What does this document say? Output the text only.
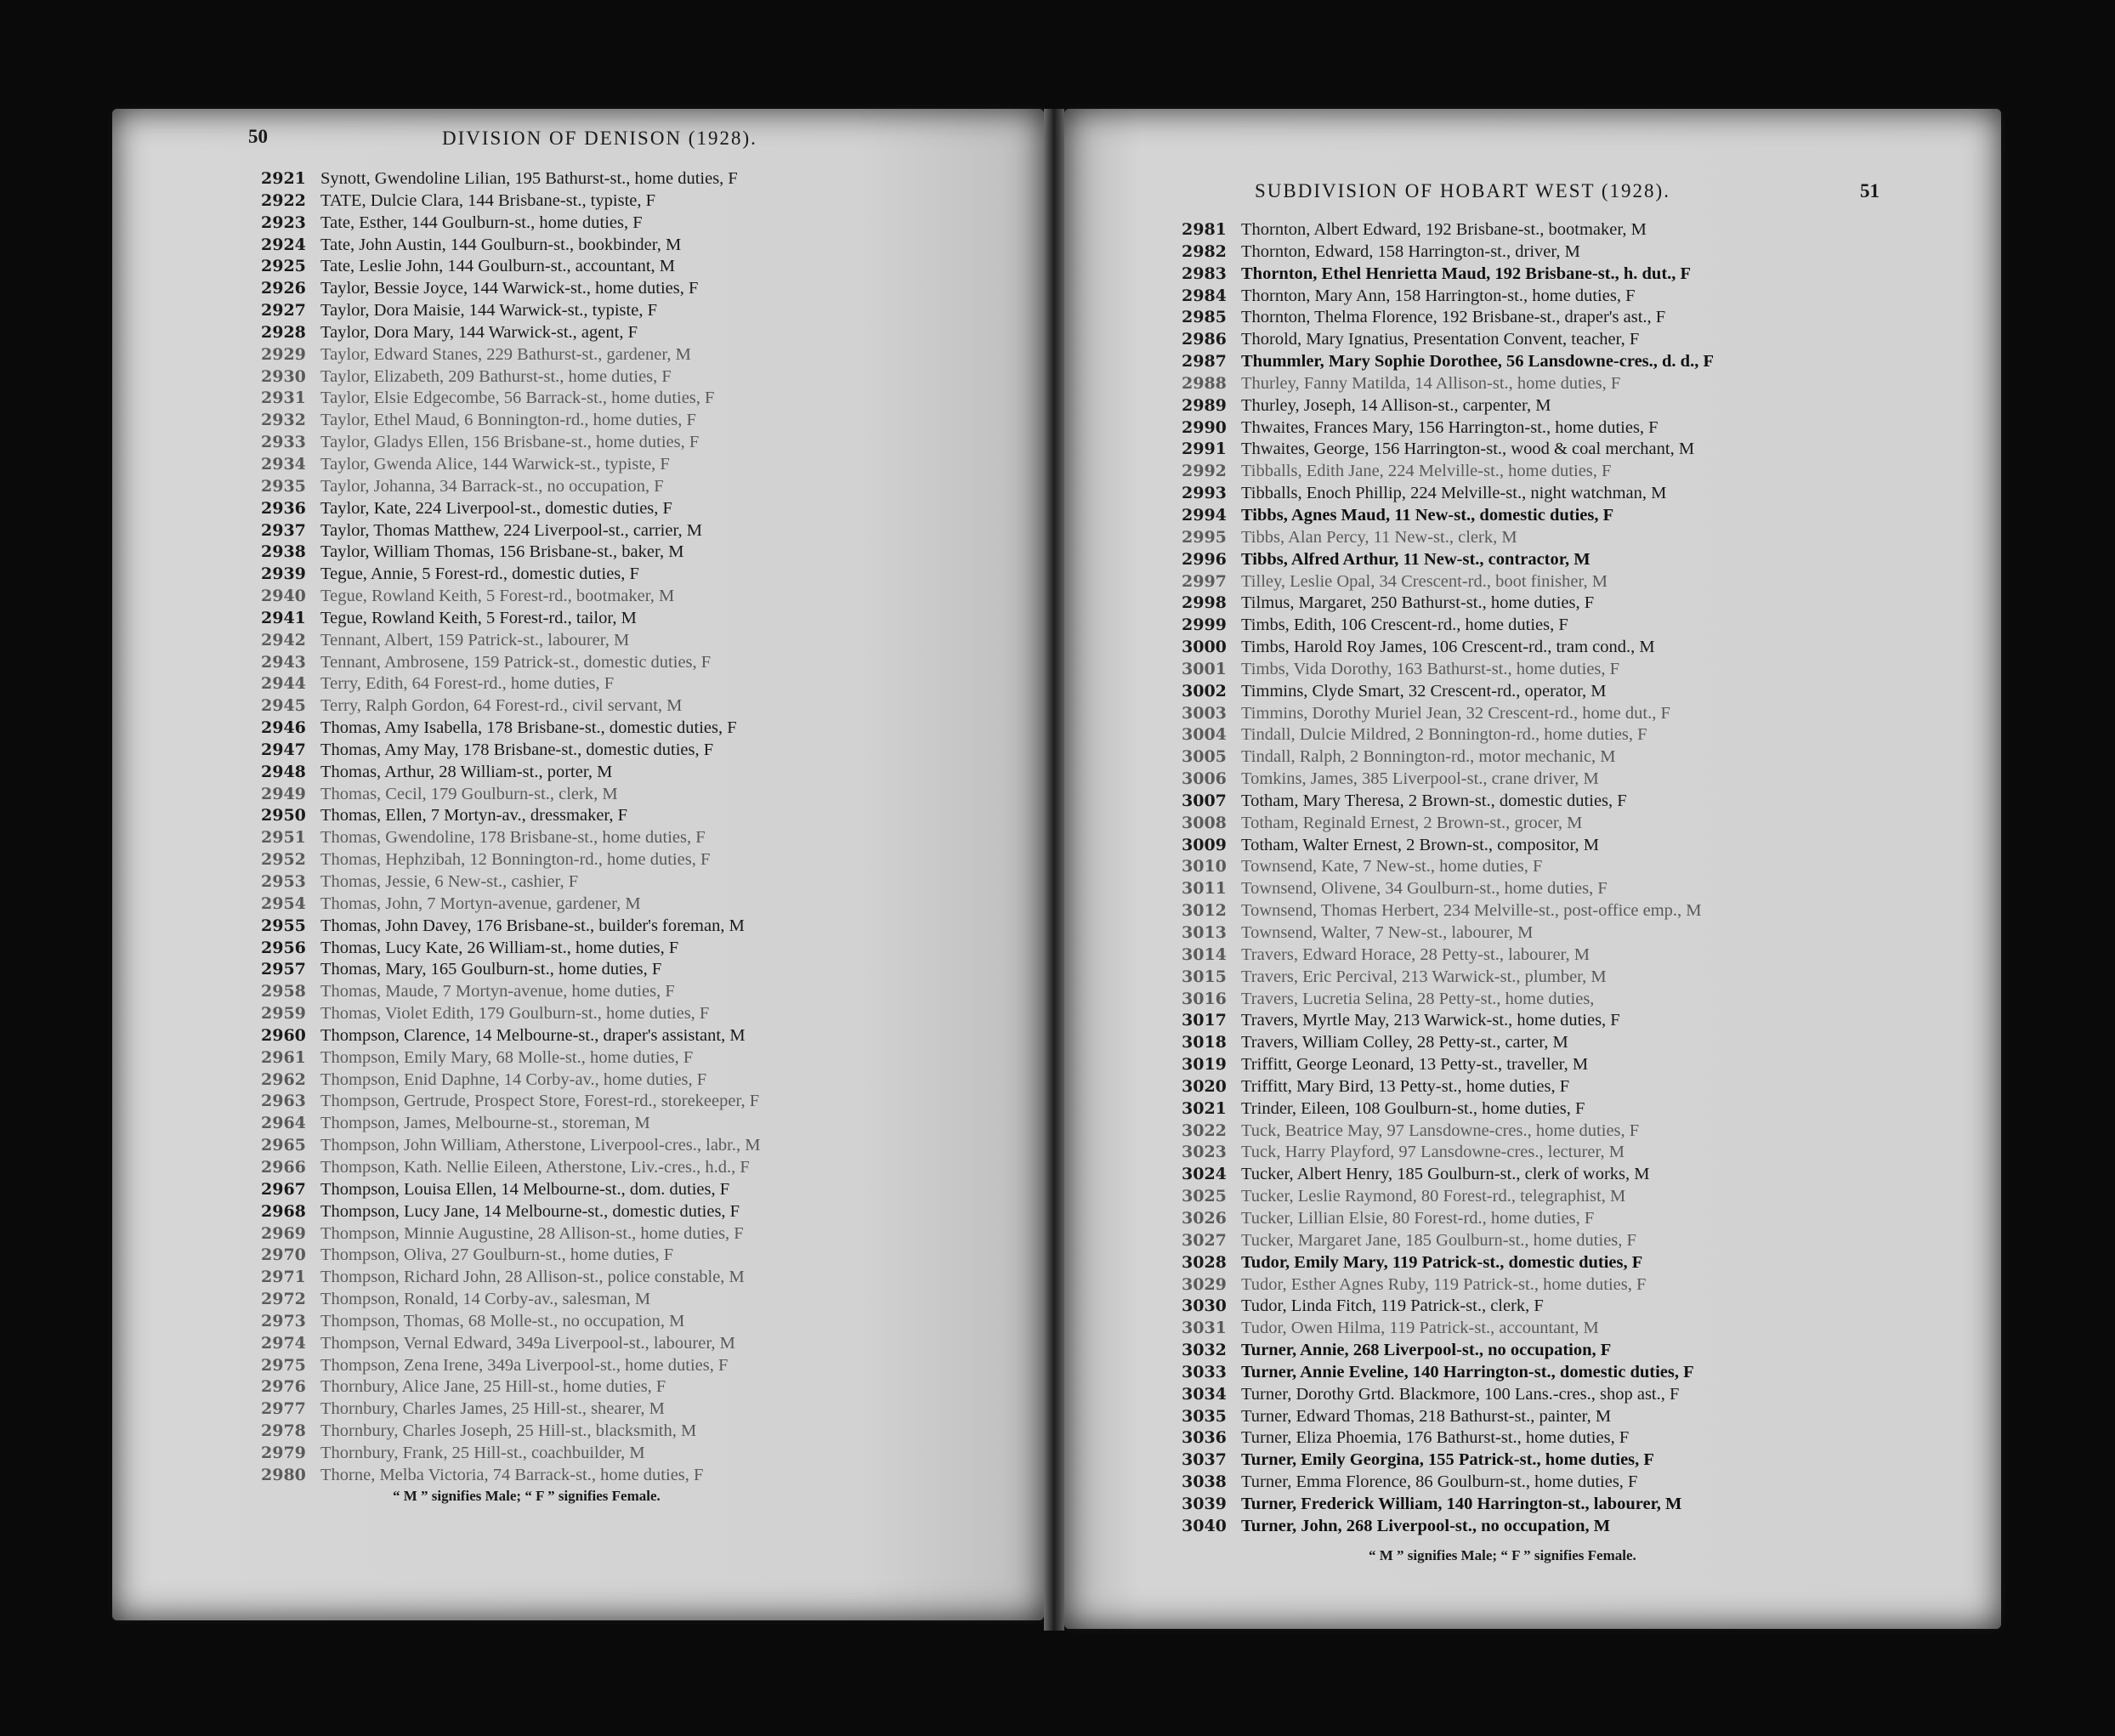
50	DIVISION OF DENISON (1928).
2921 Synott, Gwendoline Lilian, 195 Bathurst-st., home duties, F
2922 TATE, Dulcie Clara, 144 Brisbane-st., typiste, F
2923 Tate, Esther, 144 Goulburn-st., home duties, F
2924 Tate, John Austin, 144 Goulburn-st., bookbinder, M
2925 Tate, Leslie John, 144 Goulburn-st., accountant, M
2926 Taylor, Bessie Joyce, 144 Warwick-st., home duties, F
2927 Taylor, Dora Maisie, 144 Warwick-st., typiste, F
2928 Taylor, Dora Mary, 144 Warwick-st., agent, F
2929 Taylor, Edward Stanes, 229 Bathurst-st., gardener, M
2930 Taylor, Elizabeth, 209 Bathurst-st., home duties, F
2931 Taylor, Elsie Edgecombe, 56 Barrack-st., home duties, F
2932 Taylor, Ethel Maud, 6 Bonnington-rd., home duties, F
2933 Taylor, Gladys Ellen, 156 Brisbane-st., home duties, F
2934 Taylor, Gwenda Alice, 144 Warwick-st., typiste, F
2935 Taylor, Johanna, 34 Barrack-st., no occupation, F
2936 Taylor, Kate, 224 Liverpool-st., domestic duties, F
2937 Taylor, Thomas Matthew, 224 Liverpool-st., carrier, M
2938 Taylor, William Thomas, 156 Brisbane-st., baker, M
2939 Tegue, Annie, 5 Forest-rd., domestic duties, F
2940 Tegue, Rowland Keith, 5 Forest-rd., bootmaker, M
2941 Tegue, Rowland Keith, 5 Forest-rd., tailor, M
2942 Tennant, Albert, 159 Patrick-st., labourer, M
2943 Tennant, Ambrosene, 159 Patrick-st., domestic duties, F
2944 Terry, Edith, 64 Forest-rd., home duties, F
2945 Terry, Ralph Gordon, 64 Forest-rd., civil servant, M
2946 Thomas, Amy Isabella, 178 Brisbane-st., domestic duties, F
2947 Thomas, Amy May, 178 Brisbane-st., domestic duties, F
2948 Thomas, Arthur, 28 William-st., porter, M
2949 Thomas, Cecil, 179 Goulburn-st., clerk, M
2950 Thomas, Ellen, 7 Mortyn-av., dressmaker, F
2951 Thomas, Gwendoline, 178 Brisbane-st., home duties, F
2952 Thomas, Hephzibah, 12 Bonnington-rd., home duties, F
2953 Thomas, Jessie, 6 New-st., cashier, F
2954 Thomas, John, 7 Mortyn-avenue, gardener, M
2955 Thomas, John Davey, 176 Brisbane-st., builder's foreman, M
2956 Thomas, Lucy Kate, 26 William-st., home duties, F
2957 Thomas, Mary, 165 Goulburn-st., home duties, F
2958 Thomas, Maude, 7 Mortyn-avenue, home duties, F
2959 Thomas, Violet Edith, 179 Goulburn-st., home duties, F
2960 Thompson, Clarence, 14 Melbourne-st., draper's assistant, M
2961 Thompson, Emily Mary, 68 Molle-st., home duties, F
2962 Thompson, Enid Daphne, 14 Corby-av., home duties, F
2963 Thompson, Gertrude, Prospect Store, Forest-rd., storekeeper, F
2964 Thompson, James, Melbourne-st., storeman, M
2965 Thompson, John William, Atherstone, Liverpool-cres., labr., M
2966 Thompson, Kath. Nellie Eileen, Atherstone, Liv.-cres., h.d., F
2967 Thompson, Louisa Ellen, 14 Melbourne-st., dom. duties, F
2968 Thompson, Lucy Jane, 14 Melbourne-st., domestic duties, F
2969 Thompson, Minnie Augustine, 28 Allison-st., home duties, F
2970 Thompson, Oliva, 27 Goulburn-st., home duties, F
2971 Thompson, Richard John, 28 Allison-st., police constable, M
2972 Thompson, Ronald, 14 Corby-av., salesman, M
2973 Thompson, Thomas, 68 Molle-st., no occupation, M
2974 Thompson, Vernal Edward, 349a Liverpool-st., labourer, M
2975 Thompson, Zena Irene, 349a Liverpool-st., home duties, F
2976 Thornbury, Alice Jane, 25 Hill-st., home duties, F
2977 Thornbury, Charles James, 25 Hill-st., shearer, M
2978 Thornbury, Charles Joseph, 25 Hill-st., blacksmith, M
2979 Thornbury, Frank, 25 Hill-st., coachbuilder, M
2980 Thorne, Melba Victoria, 74 Barrack-st., home duties, F
“ M ” signifies Male; “ F ” signifies Female.
SUBDIVISION OF HOBART WEST (1928).	51
2981 Thornton, Albert Edward, 192 Brisbane-st., bootmaker, M
2982 Thornton, Edward, 158 Harrington-st., driver, M
2983 Thornton, Ethel Henrietta Maud, 192 Brisbane-st., h. dut., F
2984 Thornton, Mary Ann, 158 Harrington-st., home duties, F
2985 Thornton, Thelma Florence, 192 Brisbane-st., draper's ast., F
2986 Thorold, Mary Ignatius, Presentation Convent, teacher, F
2987 Thummler, Mary Sophie Dorothee, 56 Lansdowne-cres., d. d., F
2988 Thurley, Fanny Matilda, 14 Allison-st., home duties, F
2989 Thurley, Joseph, 14 Allison-st., carpenter, M
2990 Thwaites, Frances Mary, 156 Harrington-st., home duties, F
2991 Thwaites, George, 156 Harrington-st., wood & coal merchant, M
2992 Tibballs, Edith Jane, 224 Melville-st., home duties, F
2993 Tibballs, Enoch Phillip, 224 Melville-st., night watchman, M
2994 Tibbs, Agnes Maud, 11 New-st., domestic duties, F
2995 Tibbs, Alan Percy, 11 New-st., clerk, M
2996 Tibbs, Alfred Arthur, 11 New-st., contractor, M
2997 Tilley, Leslie Opal, 34 Crescent-rd., boot finisher, M
2998 Tilmus, Margaret, 250 Bathurst-st., home duties, F
2999 Timbs, Edith, 106 Crescent-rd., home duties, F
3000 Timbs, Harold Roy James, 106 Crescent-rd., tram cond., M
3001 Timbs, Vida Dorothy, 163 Bathurst-st., home duties, F
3002 Timmins, Clyde Smart, 32 Crescent-rd., operator, M
3003 Timmins, Dorothy Muriel Jean, 32 Crescent-rd., home dut., F
3004 Tindall, Dulcie Mildred, 2 Bonnington-rd., home duties, F
3005 Tindall, Ralph, 2 Bonnington-rd., motor mechanic, M
3006 Tomkins, James, 385 Liverpool-st., crane driver, M
3007 Totham, Mary Theresa, 2 Brown-st., domestic duties, F
3008 Totham, Reginald Ernest, 2 Brown-st., grocer, M
3009 Totham, Walter Ernest, 2 Brown-st., compositor, M
3010 Townsend, Kate, 7 New-st., home duties, F
3011 Townsend, Olivene, 34 Goulburn-st., home duties, F
3012 Townsend, Thomas Herbert, 234 Melville-st., post-office emp., M
3013 Townsend, Walter, 7 New-st., labourer, M
3014 Travers, Edward Horace, 28 Petty-st., labourer, M
3015 Travers, Eric Percival, 213 Warwick-st., plumber, M
3016 Travers, Lucretia Selina, 28 Petty-st., home duties,
3017 Travers, Myrtle May, 213 Warwick-st., home duties, F
3018 Travers, William Colley, 28 Petty-st., carter, M
3019 Triffitt, George Leonard, 13 Petty-st., traveller, M
3020 Triffitt, Mary Bird, 13 Petty-st., home duties, F
3021 Trinder, Eileen, 108 Goulburn-st., home duties, F
3022 Tuck, Beatrice May, 97 Lansdowne-cres., home duties, F
3023 Tuck, Harry Playford, 97 Lansdowne-cres., lecturer, M
3024 Tucker, Albert Henry, 185 Goulburn-st., clerk of works, M
3025 Tucker, Leslie Raymond, 80 Forest-rd., telegraphist, M
3026 Tucker, Lillian Elsie, 80 Forest-rd., home duties, F
3027 Tucker, Margaret Jane, 185 Goulburn-st., home duties, F
3028 Tudor, Emily Mary, 119 Patrick-st., domestic duties, F
3029 Tudor, Esther Agnes Ruby, 119 Patrick-st., home duties, F
3030 Tudor, Linda Fitch, 119 Patrick-st., clerk, F
3031 Tudor, Owen Hilma, 119 Patrick-st., accountant, M
3032 Turner, Annie, 268 Liverpool-st., no occupation, F
3033 Turner, Annie Eveline, 140 Harrington-st., domestic duties, F
3034 Turner, Dorothy Grtd. Blackmore, 100 Lans.-cres., shop ast., F
3035 Turner, Edward Thomas, 218 Bathurst-st., painter, M
3036 Turner, Eliza Phoemia, 176 Bathurst-st., home duties, F
3037 Turner, Emily Georgina, 155 Patrick-st., home duties, F
3038 Turner, Emma Florence, 86 Goulburn-st., home duties, F
3039 Turner, Frederick William, 140 Harrington-st., labourer, M
3040 Turner, John, 268 Liverpool-st., no occupation, M
“ M ” signifies Male; “ F ” signifies Female.
